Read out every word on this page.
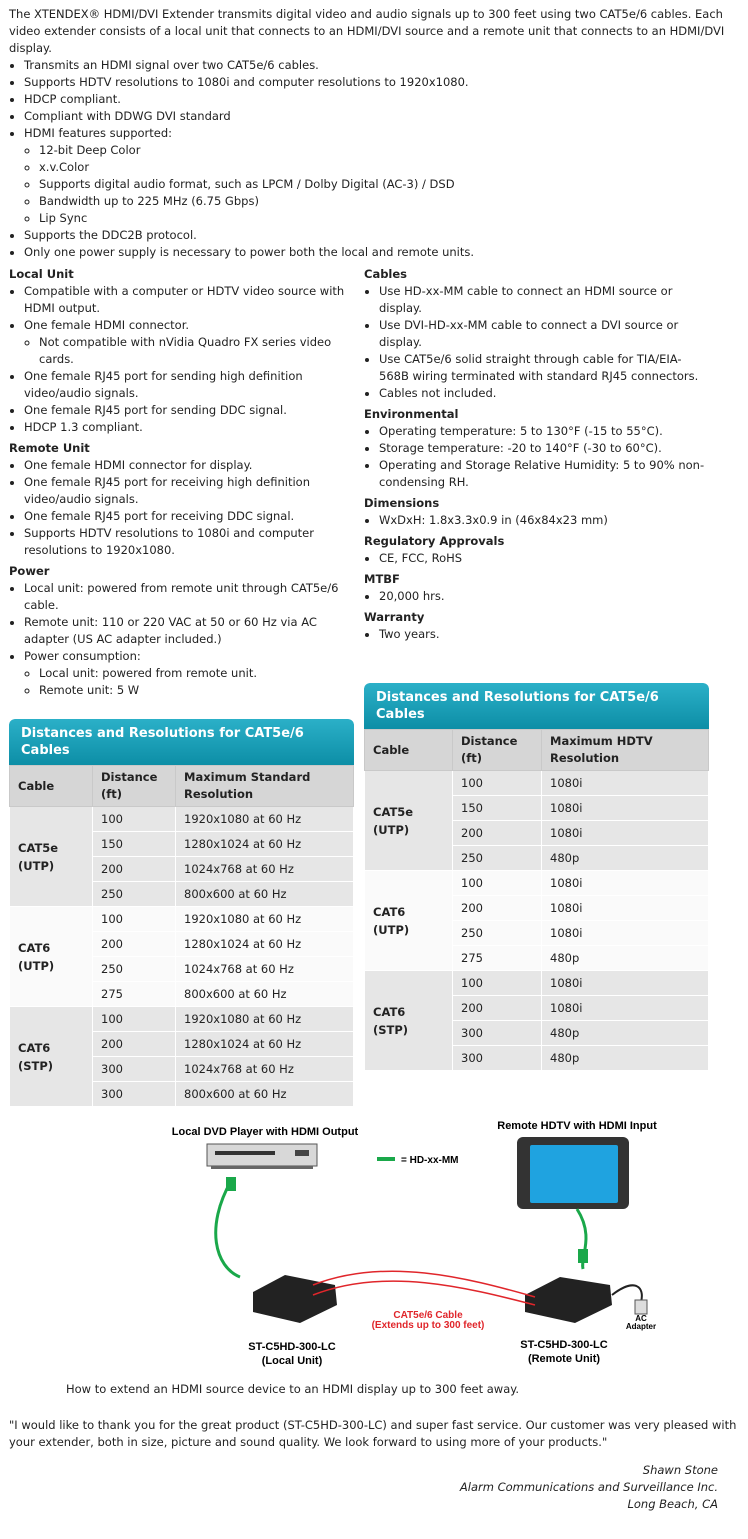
The XTENDEX® HDMI/DVI Extender transmits digital video and audio signals up to 300 feet using two CAT5e/6 cables. Each video extender consists of a local unit that connects to an HDMI/DVI source and a remote unit that connects to an HDMI/DVI display.

• Transmits an HDMI signal over two CAT5e/6 cables.
• Supports HDTV resolutions to 1080i and computer resolutions to 1920x1080.
• HDCP compliant.
• Compliant with DDWG DVI standard
• HDMI features supported:
◦ 12-bit Deep Color
◦ x.v.Color
◦ Supports digital audio format, such as LPCM / Dolby Digital (AC-3) / DSD
◦ Bandwidth up to 225 MHz (6.75 Gbps)
◦ Lip Sync
• Supports the DDC2B protocol.
• Only one power supply is necessary to power both the local and remote units.
Local Unit
• Compatible with a computer or HDTV video source with HDMI output.
• One female HDMI connector.
◦ Not compatible with nVidia Quadro FX series video cards.
• One female RJ45 port for sending high definition video/audio signals.
• One female RJ45 port for sending DDC signal.
• HDCP 1.3 compliant.
Remote Unit
• One female HDMI connector for display.
• One female RJ45 port for receiving high definition video/audio signals.
• One female RJ45 port for receiving DDC signal.
• Supports HDTV resolutions to 1080i and computer resolutions to 1920x1080.
Power
• Local unit: powered from remote unit through CAT5e/6 cable.
• Remote unit: 110 or 220 VAC at 50 or 60 Hz via AC adapter (US AC adapter included.)
• Power consumption:
◦ Local unit: powered from remote unit.
◦ Remote unit: 5 W
Cables
• Use HD-xx-MM cable to connect an HDMI source or display.
• Use DVI-HD-xx-MM cable to connect a DVI source or display.
• Use CAT5e/6 solid straight through cable for TIA/EIA-568B wiring terminated with standard RJ45 connectors.
• Cables not included.
Environmental
• Operating temperature: 5 to 130°F (-15 to 55°C).
• Storage temperature: -20 to 140°F (-30 to 60°C).
• Operating and Storage Relative Humidity: 5 to 90% non-condensing RH.
Dimensions
• WxDxH: 1.8x3.3x0.9 in (46x84x23 mm)
Regulatory Approvals
• CE, FCC, RoHS
MTBF
• 20,000 hrs.
Warranty
• Two years.
Distances and Resolutions for CAT5e/6 Cables
Cable	Distance (ft)	Maximum Standard Resolution
CAT5e (UTP)	100	1920x1080 at 60 Hz
	150	1280x1024 at 60 Hz
	200	1024x768 at 60 Hz
	250	800x600 at 60 Hz
CAT6 (UTP)	100	1920x1080 at 60 Hz
	200	1280x1024 at 60 Hz
	250	1024x768 at 60 Hz
	275	800x600 at 60 Hz
CAT6 (STP)	100	1920x1080 at 60 Hz
	200	1280x1024 at 60 Hz
	300	1024x768 at 60 Hz
	300	800x600 at 60 Hz
Distances and Resolutions for CAT5e/6 Cables
Cable	Distance (ft)	Maximum HDTV Resolution
CAT5e (UTP)	100	1080i
	150	1080i
	200	1080i
	250	480p
CAT6 (UTP)	100	1080i
	200	1080i
	250	1080i
	275	480p
CAT6 (STP)	100	1080i
	200	1080i
	300	480p
	300	480p
Local DVD Player with HDMI Output	Remote HDTV with HDMI Input
= HD-xx-MM
AC
Adapter
CAT5e/6 Cable
(Extends up to 300 feet)
ST-C5HD-300-LC
(Local Unit)
ST-C5HD-300-LC
(Remote Unit)
How to extend an HDMI source device to an HDMI display up to 300 feet away.
"I would like to thank you for the great product (ST-C5HD-300-LC) and super fast service. Our customer was very pleased with your extender, both in size, picture and sound quality. We look forward to using more of your products."
Shawn Stone
Alarm Communications and Surveillance Inc.
Long Beach, CA
